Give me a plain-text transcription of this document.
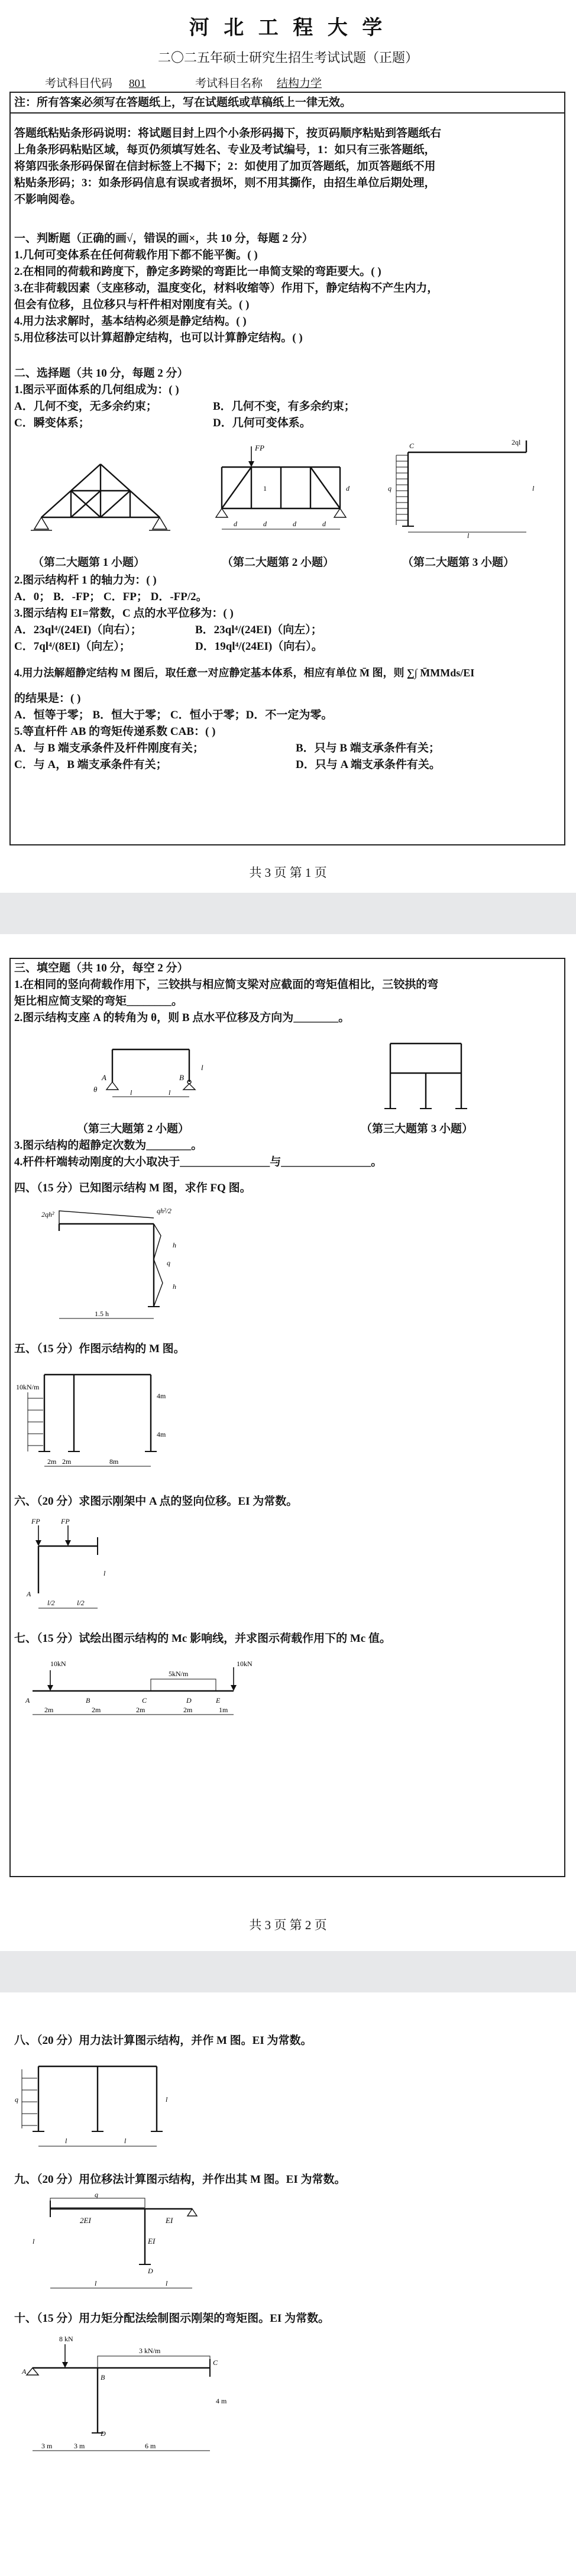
河 北 工 程 大 学
二〇二五年硕士研究生招生考试试题（正题）
考试科目代码 801	考试科目名称 结构力学
注：所有答案必须写在答题纸上，写在试题纸或草稿纸上一律无效。
答题纸粘贴条形码说明：将试题目封上四个小条形码揭下，按页码顺序粘贴到答题纸右
上角条形码粘贴区域，每页仍须填写姓名、专业及考试编号，1：如只有三张答题纸，
将第四张条形码保留在信封标签上不揭下；2：如使用了加页答题纸，加页答题纸不用
粘贴条形码；3：如条形码信息有误或者损坏，则不用其撕作，由招生单位后期处理，
不影响阅卷。
一、判断题（正确的画√，错误的画×，共 10 分，每题 2 分）
1.几何可变体系在任何荷载作用下都不能平衡。( )
2.在相同的荷载和跨度下，静定多跨梁的弯距比一串简支梁的弯距要大。( )
3.在非荷载因素（支座移动，温度变化，材料收缩等）作用下，静定结构不产生内力，
但会有位移，且位移只与杆件相对刚度有关。( )
4.用力法求解时，基本结构必须是静定结构。( )
5.用位移法可以计算超静定结构，也可以计算静定结构。( )
二、选择题（共 10 分，每题 2 分）
1.图示平面体系的几何组成为：( )
A．几何不变，无多余约束；	B．几何不变，有多余约束；
C．瞬变体系；	D．几何可变体系。
FP
1
d	d	d	d
d
C	2ql
q
l
l
（第二大题第 1 小题）	（第二大题第 2 小题）	（第二大题第 3 小题）
2.图示结构杆 1 的轴力为：( )
A．0； B．-FP； C．FP； D．-FP/2。
3.图示结构 EI=常数，C 点的水平位移为：( )
A．23ql⁴/(24EI)（向右）；	B．23ql⁴/(24EI)（向左）；
C．7ql⁴/(8EI)（向左）；	D．19ql⁴/(24EI)（向右）。
4.用力法解超静定结构 M 图后，取任意一对应静定基本体系，相应有单位 M̄ 图，则 ∑∫ M̄MMds/EI
的结果是：( )
A．恒等于零； B．恒大于零； C．恒小于零；D．不一定为零。
5.等直杆件 AB 的弯矩传递系数 CAB：( )
A．与 B 端支承条件及杆件刚度有关；	B．只与 B 端支承条件有关；
C．与 A，B 端支承条件有关；	D．只与 A 端支承条件有关。
共 3 页 第 1 页
三、填空题（共 10 分，每空 2 分）
1.在相同的竖向荷载作用下，三铰拱与相应简支梁对应截面的弯矩值相比，三铰拱的弯
矩比相应简支梁的弯矩________。
2.图示结构支座 A 的转角为 θ，则 B 点水平位移及方向为________。
A	B
θ
l
l	l
（第三大题第 2 小题）	（第三大题第 3 小题）
3.图示结构的超静定次数为________。
4.杆件杆端转动刚度的大小取决于________________与________________。
四、（15 分）已知图示结构 M 图，求作 FQ 图。
2qh²	qh²/2
q
h
h
1.5 h
五、（15 分）作图示结构的 M 图。
10kN/m
4m
4m
2m 2m	8m
六、（20 分）求图示刚架中 A 点的竖向位移。EI 为常数。
FP	FP
l
A
l/2	l/2
七、（15 分）试绘出图示结构的 Mc 影响线，并求图示荷载作用下的 Mc 值。
10kN
5kN/m
10kN
A	B	C	D	E
2m	2m	2m	2m	1m
共 3 页 第 2 页
八、（20 分）用力法计算图示结构，并作 M 图。EI 为常数。
q	l
l	l
九、（20 分）用位移法计算图示结构，并作出其 M 图。EI 为常数。
q
2EI	EI
EI
D
l
l	l
十、（15 分）用力矩分配法绘制图示刚架的弯矩图。EI 为常数。
3 kN/m
8 kN
A
B
C
D
4 m
3 m	3 m	6 m
